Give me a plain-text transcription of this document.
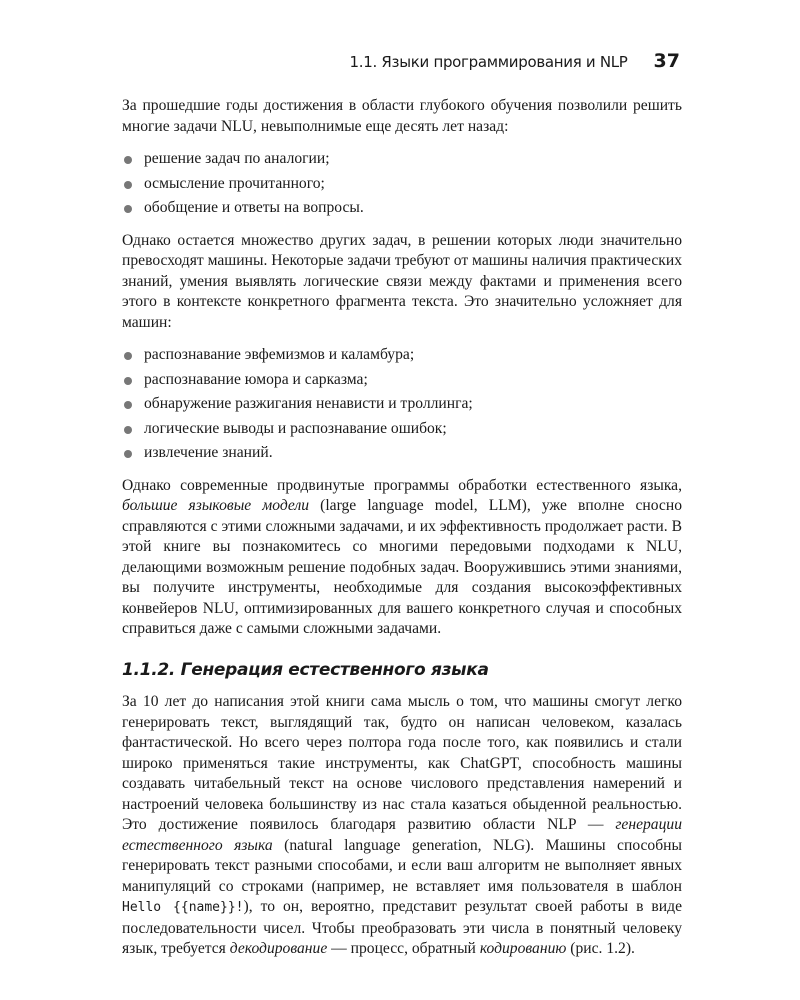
1.1. Языки программирования и NLP 37

За прошедшие годы достижения в области глубокого обучения позволили решить многие задачи NLU, невыполнимые еще десять лет назад:

решение задач по аналогии;
осмысление прочитанного;
обобщение и ответы на вопросы.

Однако остается множество других задач, в решении которых люди значительно превосходят машины. Некоторые задачи требуют от машины наличия практических знаний, умения выявлять логические связи между фактами и применения всего этого в контексте конкретного фрагмента текста. Это значительно усложняет для машин:

распознавание эвфемизмов и каламбура;
распознавание юмора и сарказма;
обнаружение разжигания ненависти и троллинга;
логические выводы и распознавание ошибок;
извлечение знаний.

Однако современные продвинутые программы обработки естественного языка, большие языковые модели (large language model, LLM), уже вполне сносно справляются с этими сложными задачами, и их эффективность продолжает расти. В этой книге вы познакомитесь со многими передовыми подходами к NLU, делающими возможным решение подобных задач. Вооружившись этими знаниями, вы получите инструменты, необходимые для создания высокоэффективных конвейеров NLU, оптимизированных для вашего конкретного случая и способных справиться даже с самыми сложными задачами.

1.1.2. Генерация естественного языка

За 10 лет до написания этой книги сама мысль о том, что машины смогут легко генерировать текст, выглядящий так, будто он написан человеком, казалась фантастической. Но всего через полтора года после того, как появились и стали широко применяться такие инструменты, как ChatGPT, способность машины создавать читабельный текст на основе числового представления намерений и настроений человека большинству из нас стала казаться обыденной реальностью. Это достижение появилось благодаря развитию области NLP — генерации естественного языка (natural language generation, NLG). Машины способны генерировать текст разными способами, и если ваш алгоритм не выполняет явных манипуляций со строками (например, не вставляет имя пользователя в шаблон Hello {{name}}!), то он, вероятно, представит результат своей работы в виде последовательности чисел. Чтобы преобразовать эти числа в понятный человеку язык, требуется декодирование — процесс, обратный кодированию (рис. 1.2).
